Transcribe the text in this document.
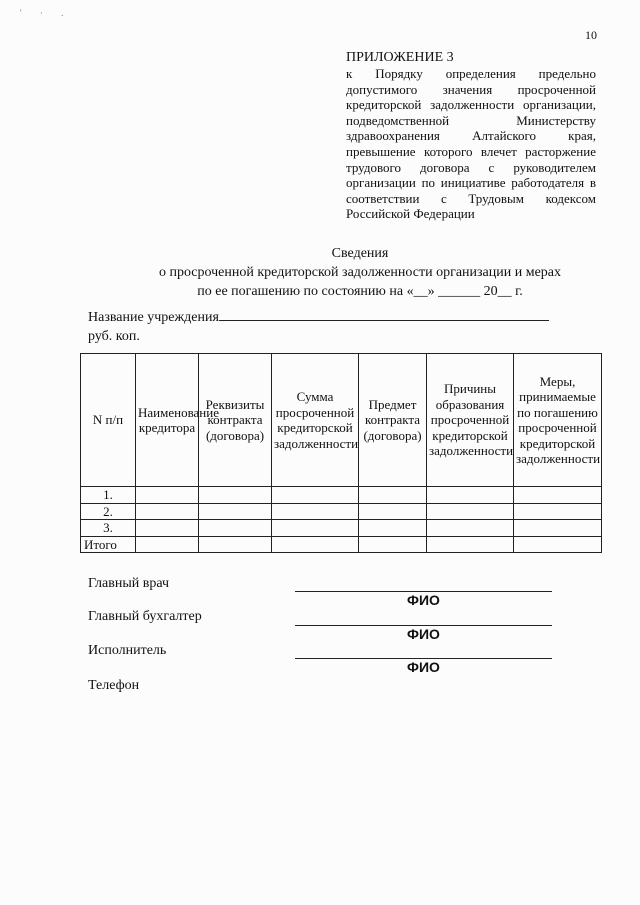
' · .
10
ПРИЛОЖЕНИЕ 3
к Порядку определения предельно допустимого значения просроченной кредиторской задолженности организации, подведомственной Министерству здравоохранения Алтайского края, превышение которого влечет расторжение трудового договора с руководителем организации по инициативе работодателя в соответствии с Трудовым кодексом Российской Федерации
Сведения
о просроченной кредиторской задолженности организации и мерах
по ее погашению по состоянию на «__» ______ 20__ г.
Название учреждения
руб. коп.
N п/п	Наименование кредитора	Реквизиты контракта (договора)	Сумма просроченной кредиторской задолженности	Предмет контракта (договора)	Причины образования просроченной кредиторской задолженности	Меры, принимаемые по погашению просроченной кредиторской задолженности
1.						
2.						
3.						
Итого						
Главный врач
ФИО
Главный бухгалтер
ФИО
Исполнитель
ФИО
Телефон
